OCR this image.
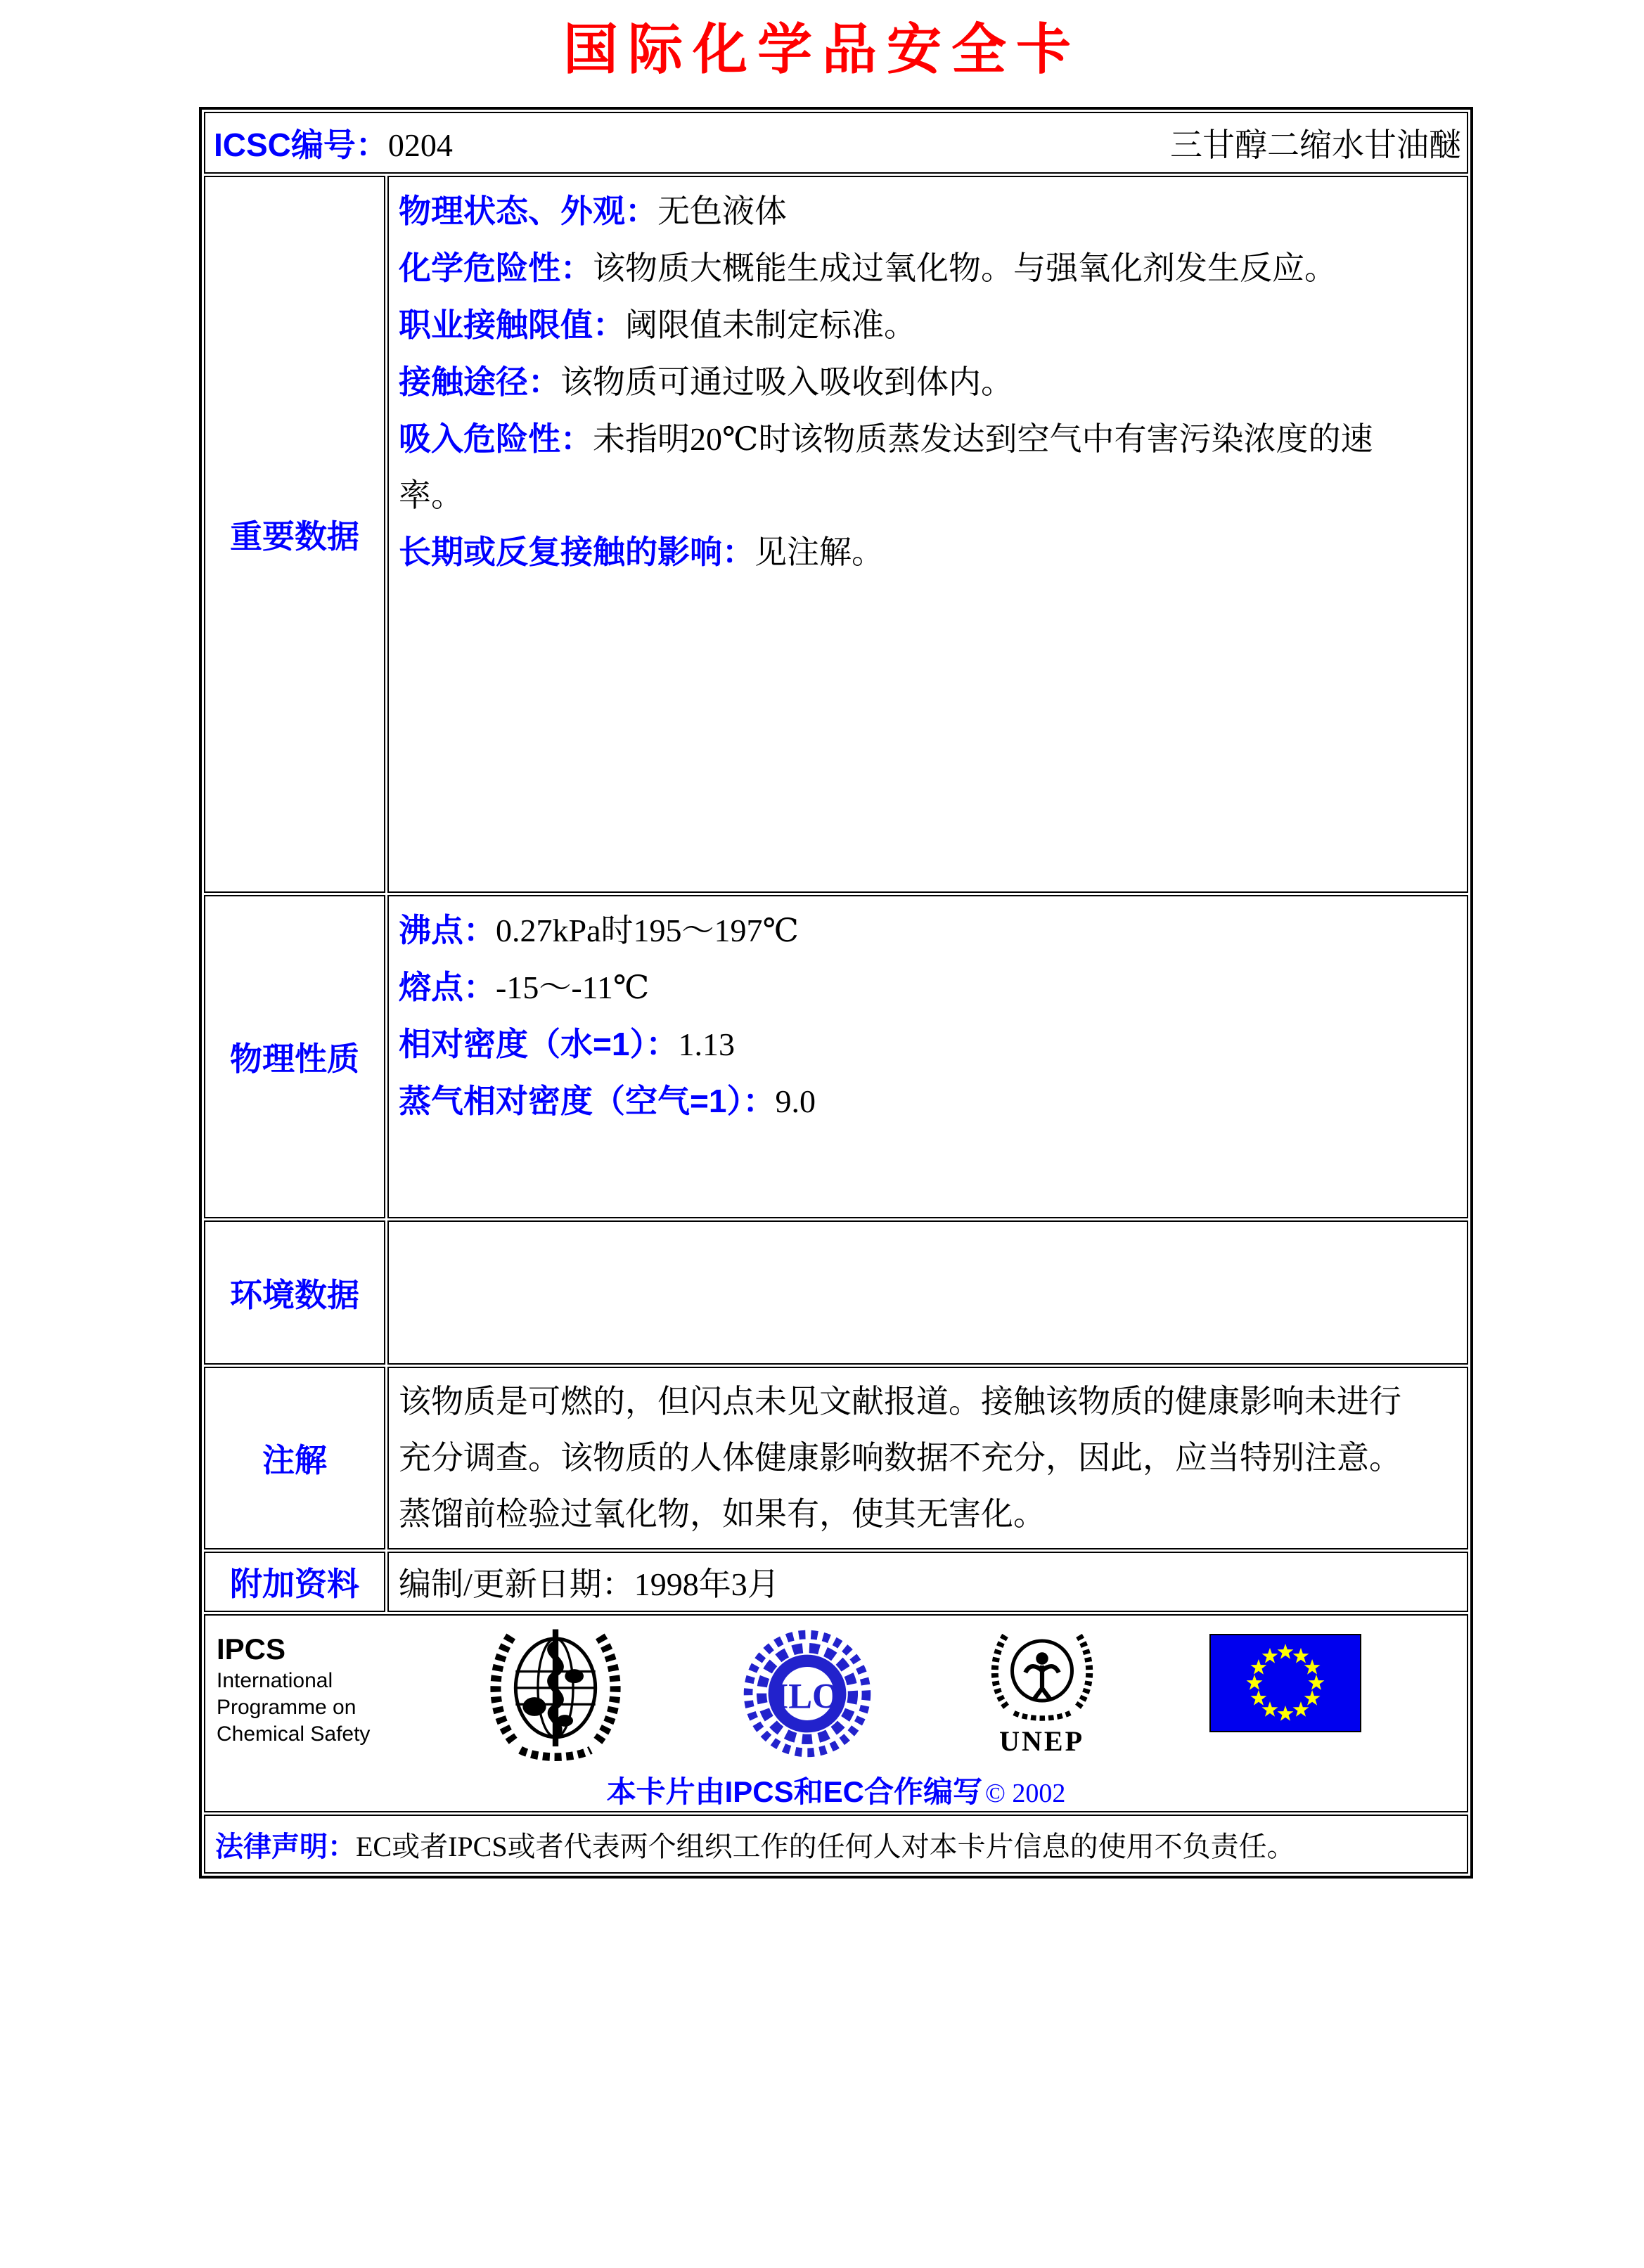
国际化学品安全卡
ICSC编号：0204 三甘醇二缩水甘油醚	

重要数据	
物理状态、外观：无色液体
化学危险性：该物质大概能生成过氧化物。与强氧化剂发生反应。
职业接触限值：阈限值未制定标准。
接触途径：该物质可通过吸入吸收到体内。
吸入危险性：未指明20℃时该物质蒸发达到空气中有害污染浓度的速率。
长期或反复接触的影响：见注解。

物理性质	沸点：0.27kPa时195～197℃
熔点：-15～-11℃
相对密度（水=1）：1.13
蒸气相对密度（空气=1）：9.0

环境数据	

注解	该物质是可燃的，但闪点未见文献报道。接触该物质的健康影响未进行充分调查。该物质的人体健康影响数据不充分，因此，应当特别注意。蒸馏前检验过氧化物，如果有，使其无害化。

附加资料	编制/更新日期：1998年3月

IPCS
International
Programme on
Chemical Safety
ILO
UNEP
本卡片由IPCS和EC合作编写 © 2002

法律声明：EC或者IPCS或者代表两个组织工作的任何人对本卡片信息的使用不负责任。	
